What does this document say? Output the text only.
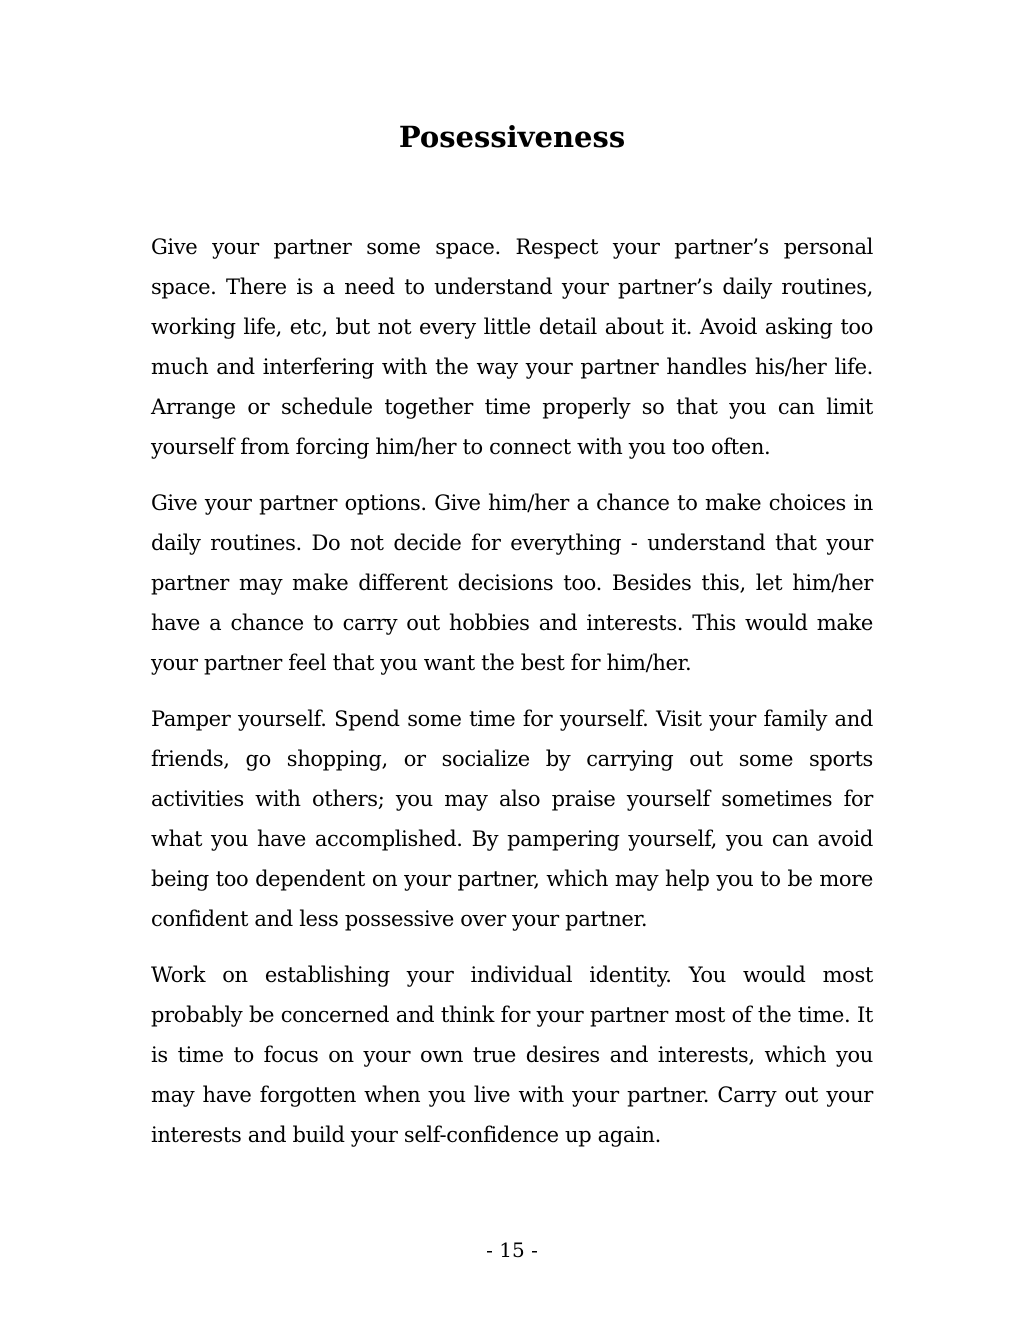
Posessiveness

Give your partner some space. Respect your partner’s personal space. There is a need to understand your partner’s daily routines, working life, etc, but not every little detail about it. Avoid asking too much and interfering with the way your partner handles his/her life. Arrange or schedule together time properly so that you can limit yourself from forcing him/her to connect with you too often.

Give your partner options. Give him/her a chance to make choices in daily routines. Do not decide for everything - understand that your partner may make different decisions too. Besides this, let him/her have a chance to carry out hobbies and interests. This would make your partner feel that you want the best for him/her.

Pamper yourself. Spend some time for yourself. Visit your family and friends, go shopping, or socialize by carrying out some sports activities with others; you may also praise yourself sometimes for what you have accomplished. By pampering yourself, you can avoid being too dependent on your partner, which may help you to be more confident and less possessive over your partner.

Work on establishing your individual identity. You would most probably be concerned and think for your partner most of the time. It is time to focus on your own true desires and interests, which you may have forgotten when you live with your partner. Carry out your interests and build your self-confidence up again.

- 15 -
